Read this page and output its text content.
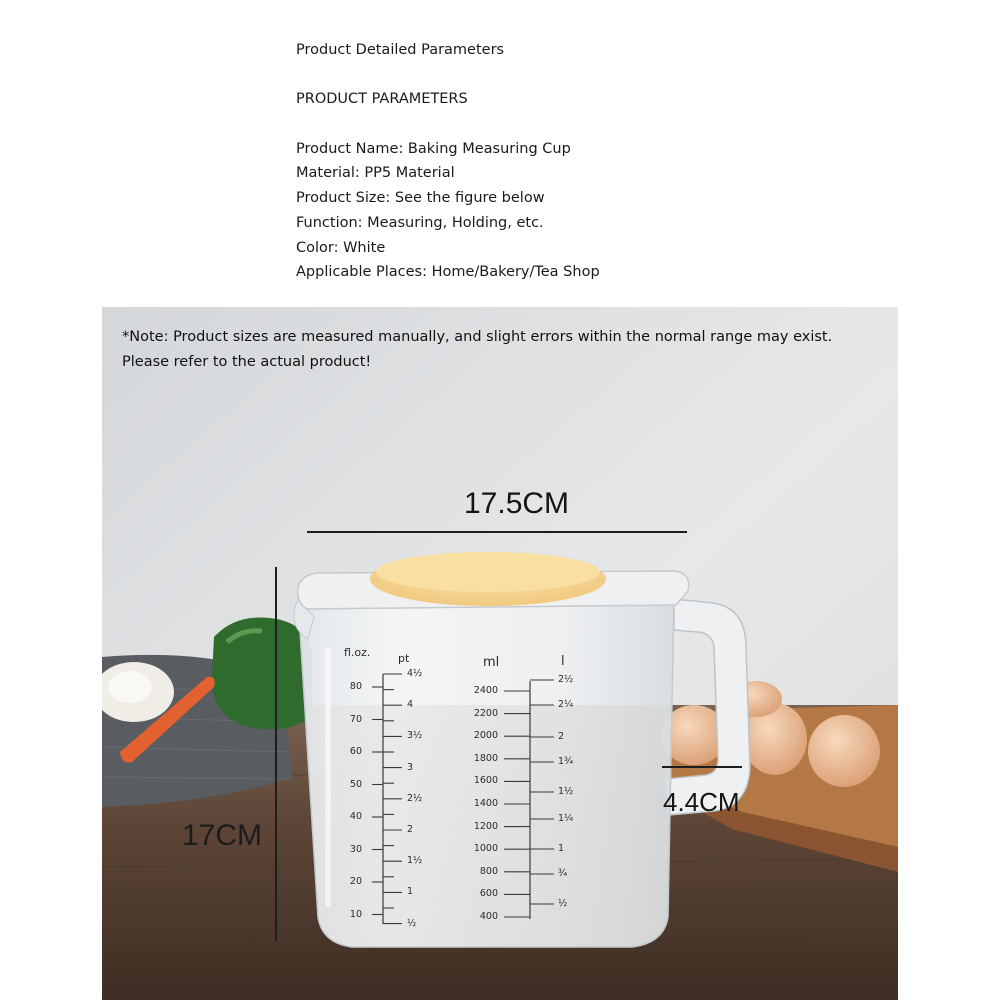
Product Detailed Parameters
PRODUCT PARAMETERS
Product Name: Baking Measuring Cup
Material: PP5 Material
Product Size: See the figure below
Function: Measuring, Holding, etc.
Color: White
Applicable Places: Home/Bakery/Tea Shop
*Note: Product sizes are measured manually, and slight errors within the normal range may exist.
Please refer to the actual product!
17.5CM
17CM
4.4CM
fl.oz.	pt	ml	l
80
70
60
50
40
30
20
10
4½
4
3½
3
2½
2
1½
1
½
2400
2200
2000
1800
1600
1400
1200
1000
800
600
400
2½
2¼
2
1¾
1½
1¼
1
¾
½
